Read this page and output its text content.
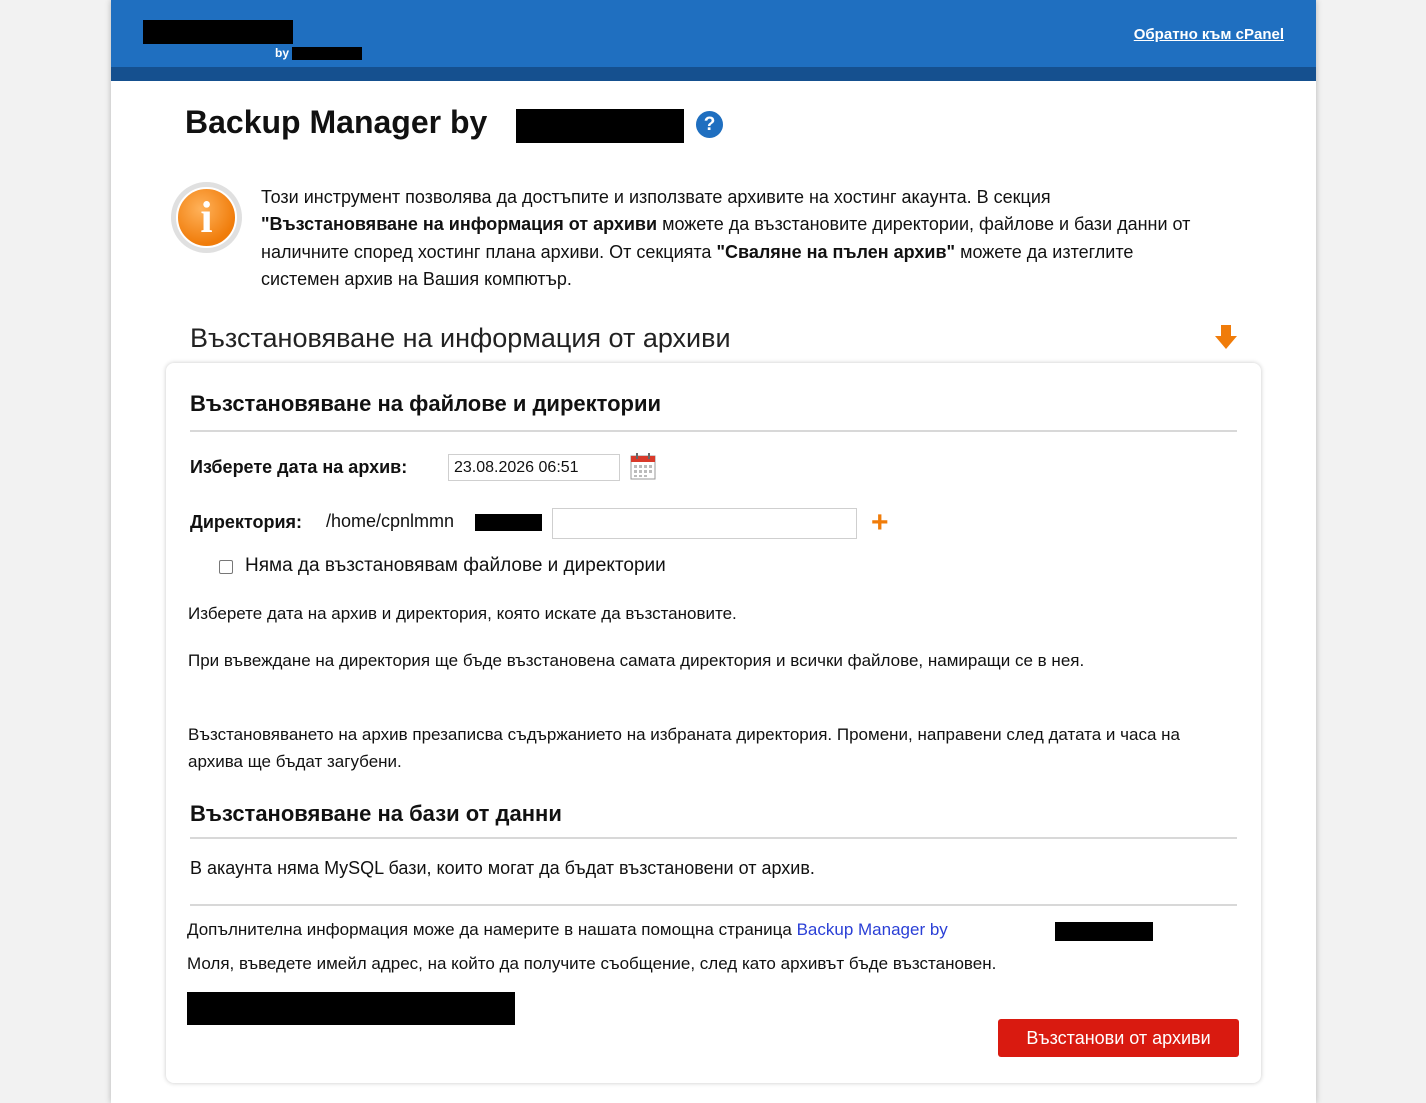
by
Обратно към cPanel
Backup Manager by	?
i	Този инструмент позволява да достъпите и използвате архивите на хостинг акаунта. В секция "Възстановяване на информация от архиви можете да възстановите директории, файлове и бази данни от наличните според хостинг плана архиви. От секцията "Сваляне на пълен архив" можете да изтеглите системен архив на Вашия компютър.
Възстановяване на информация от архиви
Възстановяване на файлове и директории
Изберете дата на архив:
23.08.2026 06:51
Директория: /home/cpnlmmn	+
Няма да възстановявам файлове и директории
Изберете дата на архив и директория, която искате да възстановите.
При въвеждане на директория ще бъде възстановена самата директория и всички файлове, намиращи се в нея.
Възстановяването на архив презаписва съдържанието на избраната директория. Промени, направени след датата и часа на архива ще бъдат загубени.
Възстановяване на бази от данни
В акаунта няма MySQL бази, които могат да бъдат възстановени от архив.
Допълнителна информация може да намерите в нашата помощна страница Backup Manager by
Моля, въведете имейл адрес, на който да получите съобщение, след като архивът бъде възстановен.
Възстанови от архиви
